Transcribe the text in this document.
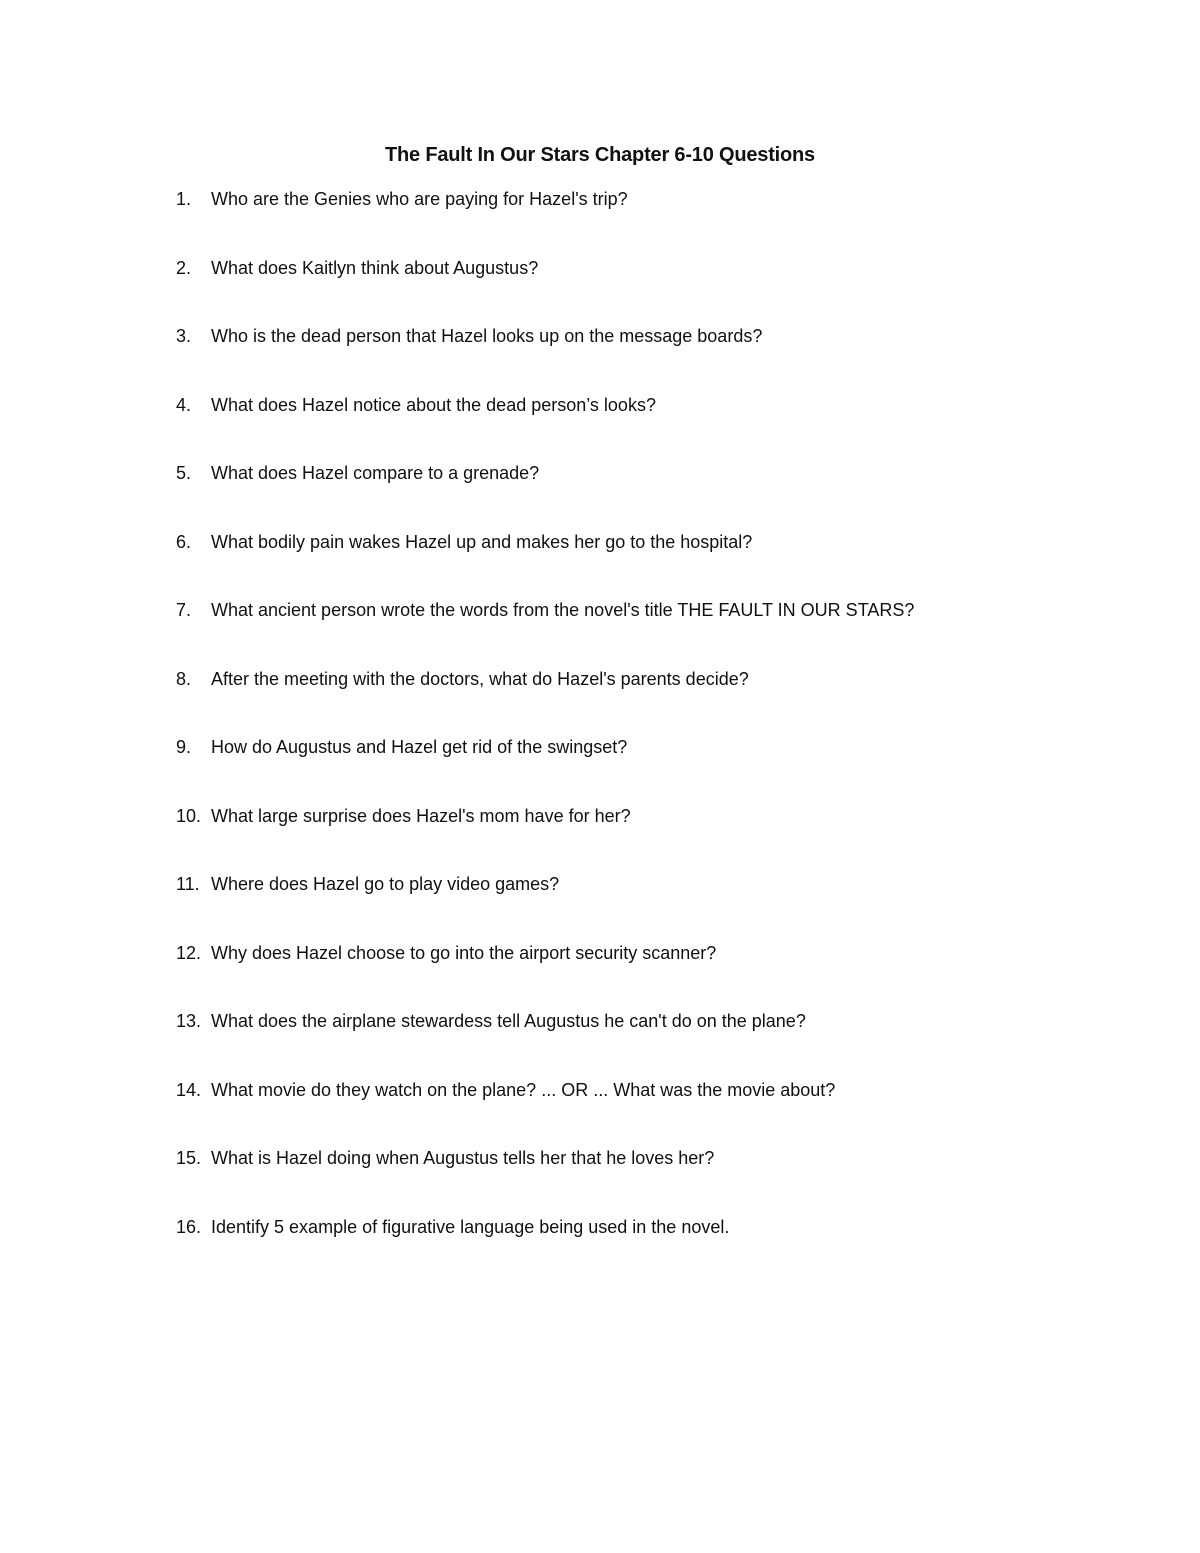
The Fault In Our Stars Chapter 6-10 Questions
1. Who are the Genies who are paying for Hazel's trip?
2. What does Kaitlyn think about Augustus?
3. Who is the dead person that Hazel looks up on the message boards?
4. What does Hazel notice about the dead person’s looks?
5. What does Hazel compare to a grenade?
6. What bodily pain wakes Hazel up and makes her go to the hospital?
7. What ancient person wrote the words from the novel's title THE FAULT IN OUR STARS?
8. After the meeting with the doctors, what do Hazel's parents decide?
9. How do Augustus and Hazel get rid of the swingset?
10. What large surprise does Hazel's mom have for her?
11. Where does Hazel go to play video games?
12. Why does Hazel choose to go into the airport security scanner?
13. What does the airplane stewardess tell Augustus he can't do on the plane?
14. What movie do they watch on the plane? ... OR ... What was the movie about?
15. What is Hazel doing when Augustus tells her that he loves her?
16. Identify 5 example of figurative language being used in the novel.
